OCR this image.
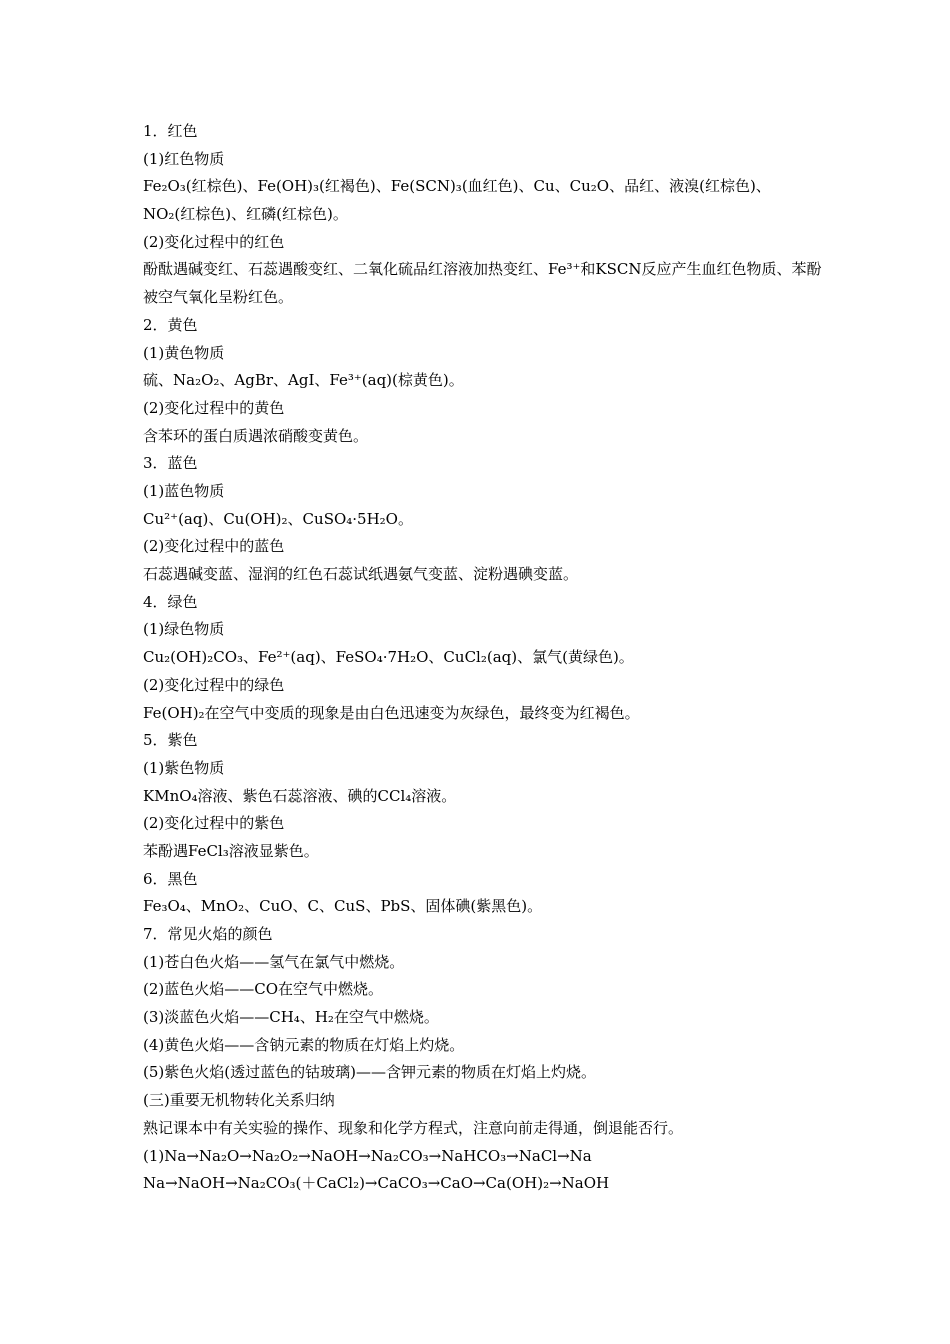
1．红色
(1)红色物质
Fe₂O₃(红棕色)、Fe(OH)₃(红褐色)、Fe(SCN)₃(血红色)、Cu、Cu₂O、品红、液溴(红棕色)、NO₂(红棕色)、红磷(红棕色)。
(2)变化过程中的红色
酚酞遇碱变红、石蕊遇酸变红、二氧化硫品红溶液加热变红、Fe³⁺和KSCN反应产生血红色物质、苯酚被空气氧化呈粉红色。
2．黄色
(1)黄色物质
硫、Na₂O₂、AgBr、AgI、Fe³⁺(aq)(棕黄色)。
(2)变化过程中的黄色
含苯环的蛋白质遇浓硝酸变黄色。
3．蓝色
(1)蓝色物质
Cu²⁺(aq)、Cu(OH)₂、CuSO₄·5H₂O。
(2)变化过程中的蓝色
石蕊遇碱变蓝、湿润的红色石蕊试纸遇氨气变蓝、淀粉遇碘变蓝。
4．绿色
(1)绿色物质
Cu₂(OH)₂CO₃、Fe²⁺(aq)、FeSO₄·7H₂O、CuCl₂(aq)、氯气(黄绿色)。
(2)变化过程中的绿色
Fe(OH)₂在空气中变质的现象是由白色迅速变为灰绿色，最终变为红褐色。
5．紫色
(1)紫色物质
KMnO₄溶液、紫色石蕊溶液、碘的CCl₄溶液。
(2)变化过程中的紫色
苯酚遇FeCl₃溶液显紫色。
6．黑色
Fe₃O₄、MnO₂、CuO、C、CuS、PbS、固体碘(紫黑色)。
7．常见火焰的颜色
(1)苍白色火焰——氢气在氯气中燃烧。
(2)蓝色火焰——CO在空气中燃烧。
(3)淡蓝色火焰——CH₄、H₂在空气中燃烧。
(4)黄色火焰——含钠元素的物质在灯焰上灼烧。
(5)紫色火焰(透过蓝色的钴玻璃)——含钾元素的物质在灯焰上灼烧。
(三)重要无机物转化关系归纳
熟记课本中有关实验的操作、现象和化学方程式，注意向前走得通，倒退能否行。
(1)Na→Na₂O→Na₂O₂→NaOH→Na₂CO₃→NaHCO₃→NaCl→Na
Na→NaOH→Na₂CO₃(＋CaCl₂)→CaCO₃→CaO→Ca(OH)₂→NaOH
